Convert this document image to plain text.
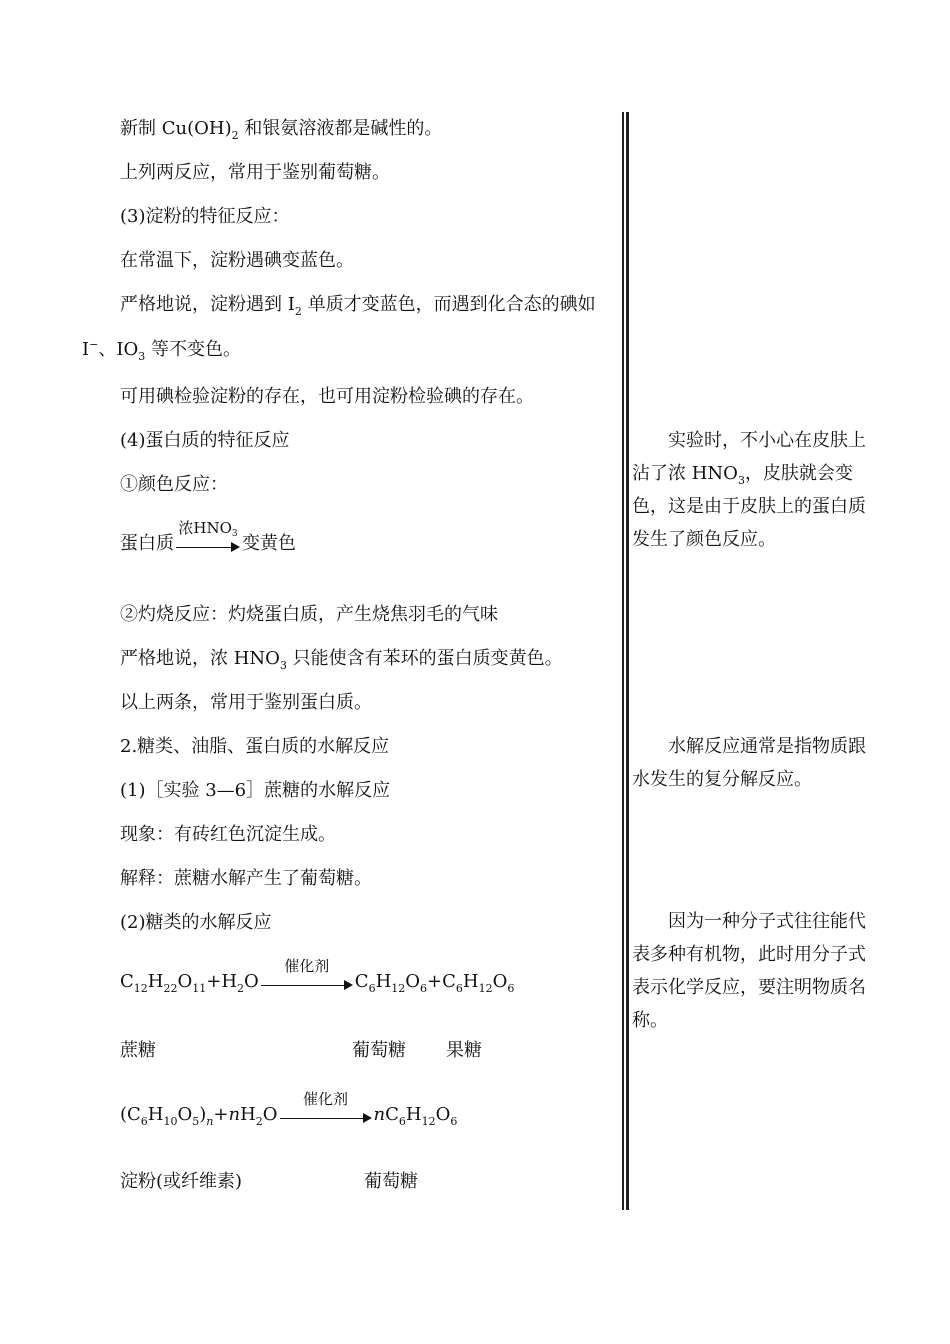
新制 $Cu(OH)_2$ 和银氨溶液都是碱性的。
上列两反应，常用于鉴别葡萄糖。
(3)淀粉的特征反应：
在常温下，淀粉遇碘变蓝色。
严格地说，淀粉遇到 $I_2$ 单质才变蓝色，而遇到化合态的碘如
I−、$IO_3$ 等不变色。
可用碘检验淀粉的存在，也可用淀粉检验碘的存在。
(4)蛋白质的特征反应
①颜色反应：
蛋白质
浓$HNO_3$ 变黄色
②灼烧反应：灼烧蛋白质，产生烧焦羽毛的气味
严格地说，浓 $HNO_3$ 只能使含有苯环的蛋白质变黄色。
以上两条，常用于鉴别蛋白质。
2.糖类、油脂、蛋白质的水解反应
(1)［实验 3—6］蔗糖的水解反应
现象：有砖红色沉淀生成。
解释：蔗糖水解产生了葡萄糖。
(2)糖类的水解反应
$C_{12}H_{22}O_{11}+H_2O$
催化剂
$C_6H_{12}O_6+C_6H_{12}O_6$
蔗糖	葡萄糖 果糖
$(C_6H_{10}O_5)_n+nH_2O$
催化剂
$nC_6H_{12}O_6$
淀粉(或纤维素)	葡萄糖
实验时，不小心在皮肤上沾了浓 $HNO_3$，皮肤就会变色，这是由于皮肤上的蛋白质发生了颜色反应。
水解反应通常是指物质跟水发生的复分解反应。
因为一种分子式往往能代表多种有机物，此时用分子式表示化学反应，要注明物质名称。
